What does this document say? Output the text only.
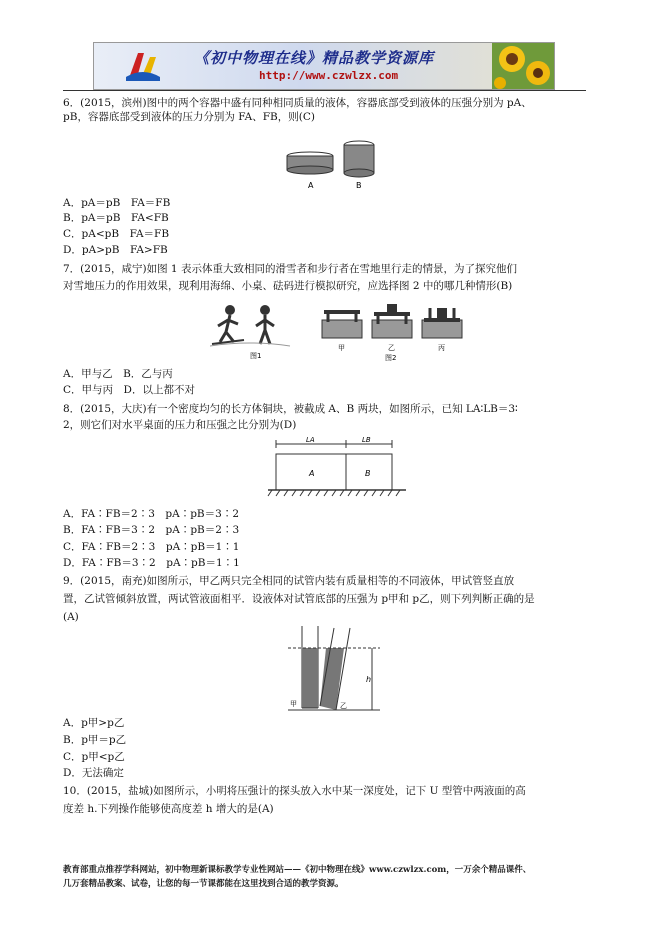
《初中物理在线》精品教学资源库
http://www.czwlzx.com
6．(2015，滨州)图中的两个容器中盛有同种相同质量的液体，容器底部受到液体的压强分别为 pA、
pB，容器底部受到液体的压力分别为 FA、FB，则(C)
A	B
A．pA＝pB　FA＝FB
B．pA＝pB　FA<FB
C．pA<pB　FA＝FB
D．pA>pB　FA>FB
7．(2015，咸宁)如图 1 表示体重大致相同的滑雪者和步行者在雪地里行走的情景，为了探究他们
对雪地压力的作用效果，现利用海绵、小桌、砝码进行模拟研究，应选择图 2 中的哪几种情形(B)
图1
甲	乙	丙
图2
A．甲与乙　B．乙与丙
C．甲与丙　D．以上都不对
8．(2015，大庆)有一个密度均匀的长方体铜块，被截成 A、B 两块，如图所示，已知 LA∶LB＝3∶
2，则它们对水平桌面的压力和压强之比分别为(D)
LA	LB
A	B
A．FA∶FB＝2∶3　pA∶pB＝3∶2
B．FA∶FB＝3∶2　pA∶pB＝2∶3
C．FA∶FB＝2∶3　pA∶pB＝1∶1
D．FA∶FB＝3∶2　pA∶pB＝1∶1
9．(2015，南充)如图所示，甲乙两只完全相同的试管内装有质量相等的不同液体，甲试管竖直放
置，乙试管倾斜放置，两试管液面相平．设液体对试管底部的压强为 p甲和 p乙，则下列判断正确的是
(A)
h
甲	乙
A．p甲>p乙
B．p甲＝p乙
C．p甲<p乙
D．无法确定
10．(2015，盐城)如图所示，小明将压强计的探头放入水中某一深度处，记下 U 型管中两液面的高
度差 h.下列操作能够使高度差 h 增大的是(A)
教育部重点推荐学科网站，初中物理新课标教学专业性网站——《初中物理在线》www.czwlzx.com，一万余个精品课件、
几万套精品教案、试卷，让您的每一节课都能在这里找到合适的教学资源。
